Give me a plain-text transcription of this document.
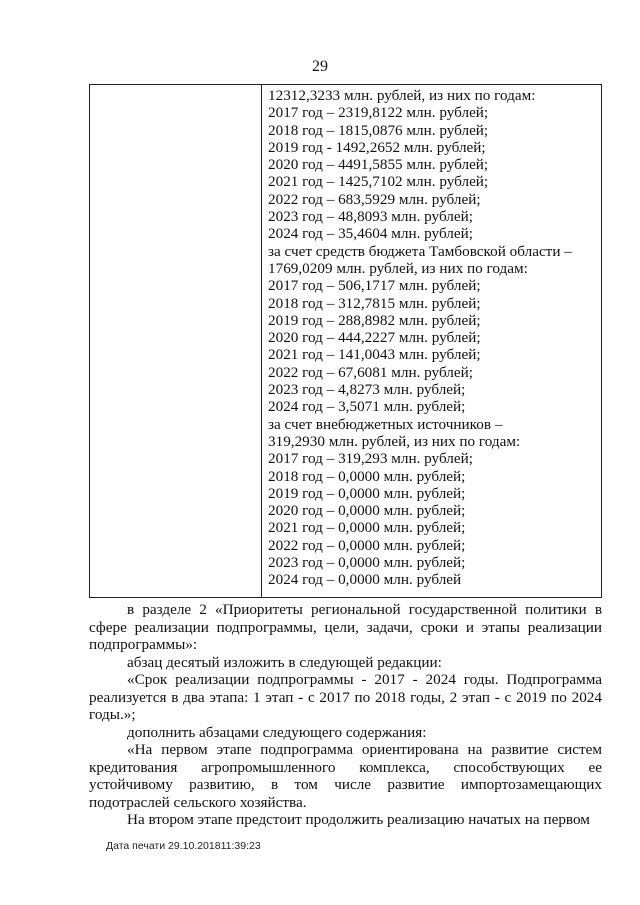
29
12312,3233 млн. рублей, из них по годам:
2017 год – 2319,8122 млн. рублей;
2018 год – 1815,0876 млн. рублей;
2019 год - 1492,2652 млн. рублей;
2020 год – 4491,5855 млн. рублей;
2021 год – 1425,7102 млн. рублей;
2022 год – 683,5929 млн. рублей;
2023 год – 48,8093 млн. рублей;
2024 год – 35,4604 млн. рублей;
за счет средств бюджета Тамбовской области –
1769,0209 млн. рублей, из них по годам:
2017 год – 506,1717 млн. рублей;
2018 год – 312,7815 млн. рублей;
2019 год – 288,8982 млн. рублей;
2020 год – 444,2227 млн. рублей;
2021 год – 141,0043 млн. рублей;
2022 год – 67,6081 млн. рублей;
2023 год – 4,8273 млн. рублей;
2024 год – 3,5071 млн. рублей;
за счет внебюджетных источников –
319,2930 млн. рублей, из них по годам:
2017 год – 319,293 млн. рублей;
2018 год – 0,0000 млн. рублей;
2019 год – 0,0000 млн. рублей;
2020 год – 0,0000 млн. рублей;
2021 год – 0,0000 млн. рублей;
2022 год – 0,0000 млн. рублей;
2023 год – 0,0000 млн. рублей;
2024 год – 0,0000 млн. рублей

в разделе 2 «Приоритеты региональной государственной политики в сфере реализации подпрограммы, цели, задачи, сроки и этапы реализации подпрограммы»:

абзац десятый изложить в следующей редакции:

«Срок реализации подпрограммы - 2017 - 2024 годы. Подпрограмма реализуется в два этапа: 1 этап - с 2017 по 2018 годы, 2 этап - с 2019 по 2024 годы.»;

дополнить абзацами следующего содержания:

«На первом этапе подпрограмма ориентирована на развитие систем кредитования агропромышленного комплекса, способствующих ее устойчивому развитию, в том числе развитие импортозамещающих подотраслей сельского хозяйства.

На втором этапе предстоит продолжить реализацию начатых на первом

Дата печати 29.10.201811:39:23
